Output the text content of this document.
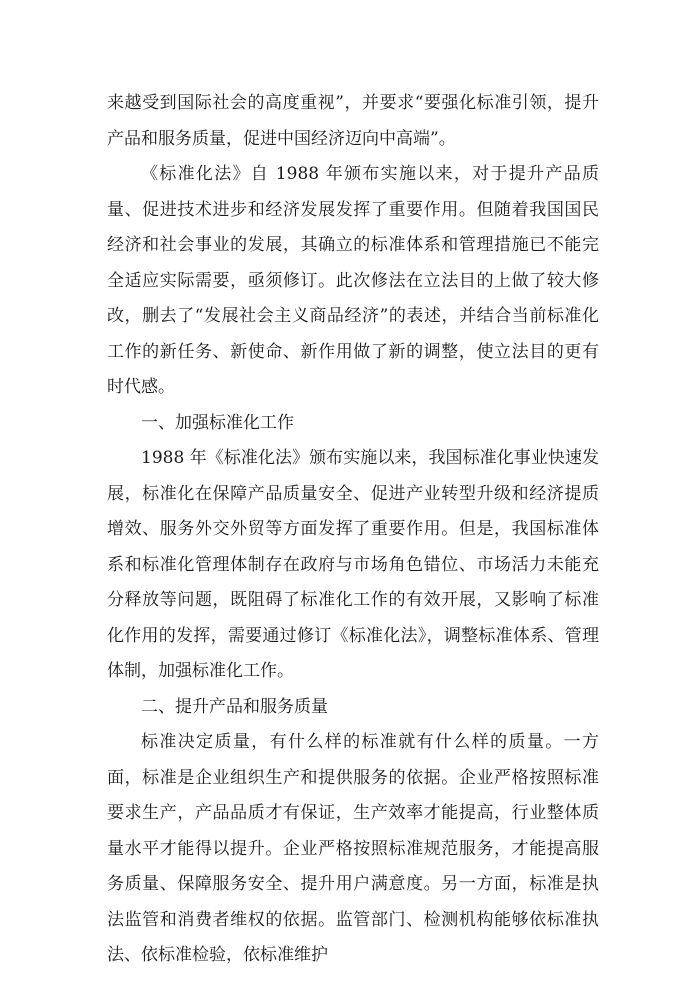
来越受到国际社会的高度重视”，并要求“要强化标准引领，提升产品和服务质量，促进中国经济迈向中高端”。

《标准化法》自 1988 年颁布实施以来，对于提升产品质量、促进技术进步和经济发展发挥了重要作用。但随着我国国民经济和社会事业的发展，其确立的标准体系和管理措施已不能完全适应实际需要，亟须修订。此次修法在立法目的上做了较大修改，删去了“发展社会主义商品经济”的表述，并结合当前标准化工作的新任务、新使命、新作用做了新的调整，使立法目的更有时代感。

一、加强标准化工作

1988 年《标准化法》颁布实施以来，我国标准化事业快速发展，标准化在保障产品质量安全、促进产业转型升级和经济提质增效、服务外交外贸等方面发挥了重要作用。但是，我国标准体系和标准化管理体制存在政府与市场角色错位、市场活力未能充分释放等问题，既阻碍了标准化工作的有效开展，又影响了标准化作用的发挥，需要通过修订《标准化法》，调整标准体系、管理体制，加强标准化工作。

二、提升产品和服务质量

标准决定质量，有什么样的标准就有什么样的质量。一方面，标准是企业组织生产和提供服务的依据。企业严格按照标准要求生产，产品品质才有保证，生产效率才能提高，行业整体质量水平才能得以提升。企业严格按照标准规范服务，才能提高服务质量、保障服务安全、提升用户满意度。另一方面，标准是执法监管和消费者维权的依据。监管部门、检测机构能够依标准执法、依标准检验，依标准维护
